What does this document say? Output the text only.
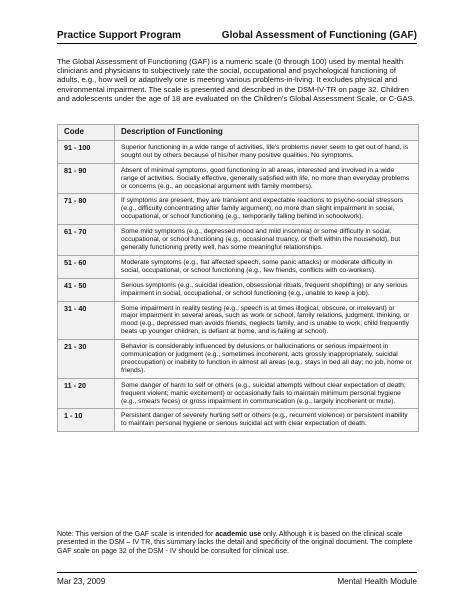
Practice Support Program	Global Assessment of Functioning (GAF)
The Global Assessment of Functioning (GAF) is a numeric scale (0 through 100) used by mental health clinicians and physicians to subjectively rate the social, occupational and psychological functioning of adults, e.g., how well or adaptively one is meeting various problems-in-living. It excludes physical and environmental impairment. The scale is presented and described in the DSM-IV-TR on page 32. Children and adolescents under the age of 18 are evaluated on the Children's Global Assessment Scale, or C-GAS.
Code	Description of Functioning
91 - 100	Superior functioning in a wide range of activities, life's problems never seem to get out of hand, is sought out by others because of his/her many positive qualities. No symptoms.
81 - 90	Absent of minimal symptoms, good functioning in all areas, interested and involved in a wide range of activities. Socially effective, generally satisfied with life, no more than everyday problems or concerns (e.g., an occasional argument with family members).
71 - 80	If symptoms are present, they are transient and expectable reactions to psycho-social stressors (e.g., difficulty concentrating after family argument); no more than slight impairment in social, occupational, or school functioning (e.g., temporarily falling behind in schoolwork).
61 - 70	Some mild symptoms (e.g., depressed mood and mild insomnia) or some difficulty in social, occupational, or school functioning (e.g., occasional truancy, or theft within the household), but generally functioning pretty well, has some meaningful relationships.
51 - 60	Moderate symptoms (e.g., flat affected speech, some panic attacks) or moderate difficulty in social, occupational, or school functioning (e.g., few friends, conflicts with co-workers).
41 - 50	Serious symptoms (e.g., suicidal ideation, obsessional rituals, frequent shoplifting) or any serious impairment in social, occupational, or school functioning (e.g., unable to keep a job).
31 - 40	Some impairment in reality testing (e.g., speech is at times illogical, obscure, or irrelevant) or major impairment in several areas, such as work or school, family relations, judgment, thinking, or mood (e.g., depressed man avoids friends, neglects family, and is unable to work; child frequently beats up younger children, is defiant at home, and is failing at school).
21 - 30	Behavior is considerably influenced by delusions or hallucinations or serious impairment in communication or judgment (e.g., sometimes incoherent, acts grossly inappropriately, suicidal preoccupation) or inability to function in almost all areas (e.g., stays in bed all day; no job, home or friends).
11 - 20	Some danger of harm to self or others (e.g., suicidal attempts without clear expectation of death; frequent violent; manic excitement) or occasionally fails to maintain minimum personal hygiene (e.g., smears feces) or gross impairment in communication (e.g., largely incoherent or mute).
1 - 10	Persistent danger of severely hurting self or others (e.g., recurrent violence) or persistent inability to maintain personal hygiene or serious suicidal act with clear expectation of death.
Note: This version of the GAF scale is intended for academic use only. Although it is based on the clinical scale presented in the DSM – IV TR, this summary lacks the detail and specificity of the original document. The complete GAF scale on page 32 of the DSM - IV should be consulted for clinical use.
Mar 23, 2009	Mental Health Module
